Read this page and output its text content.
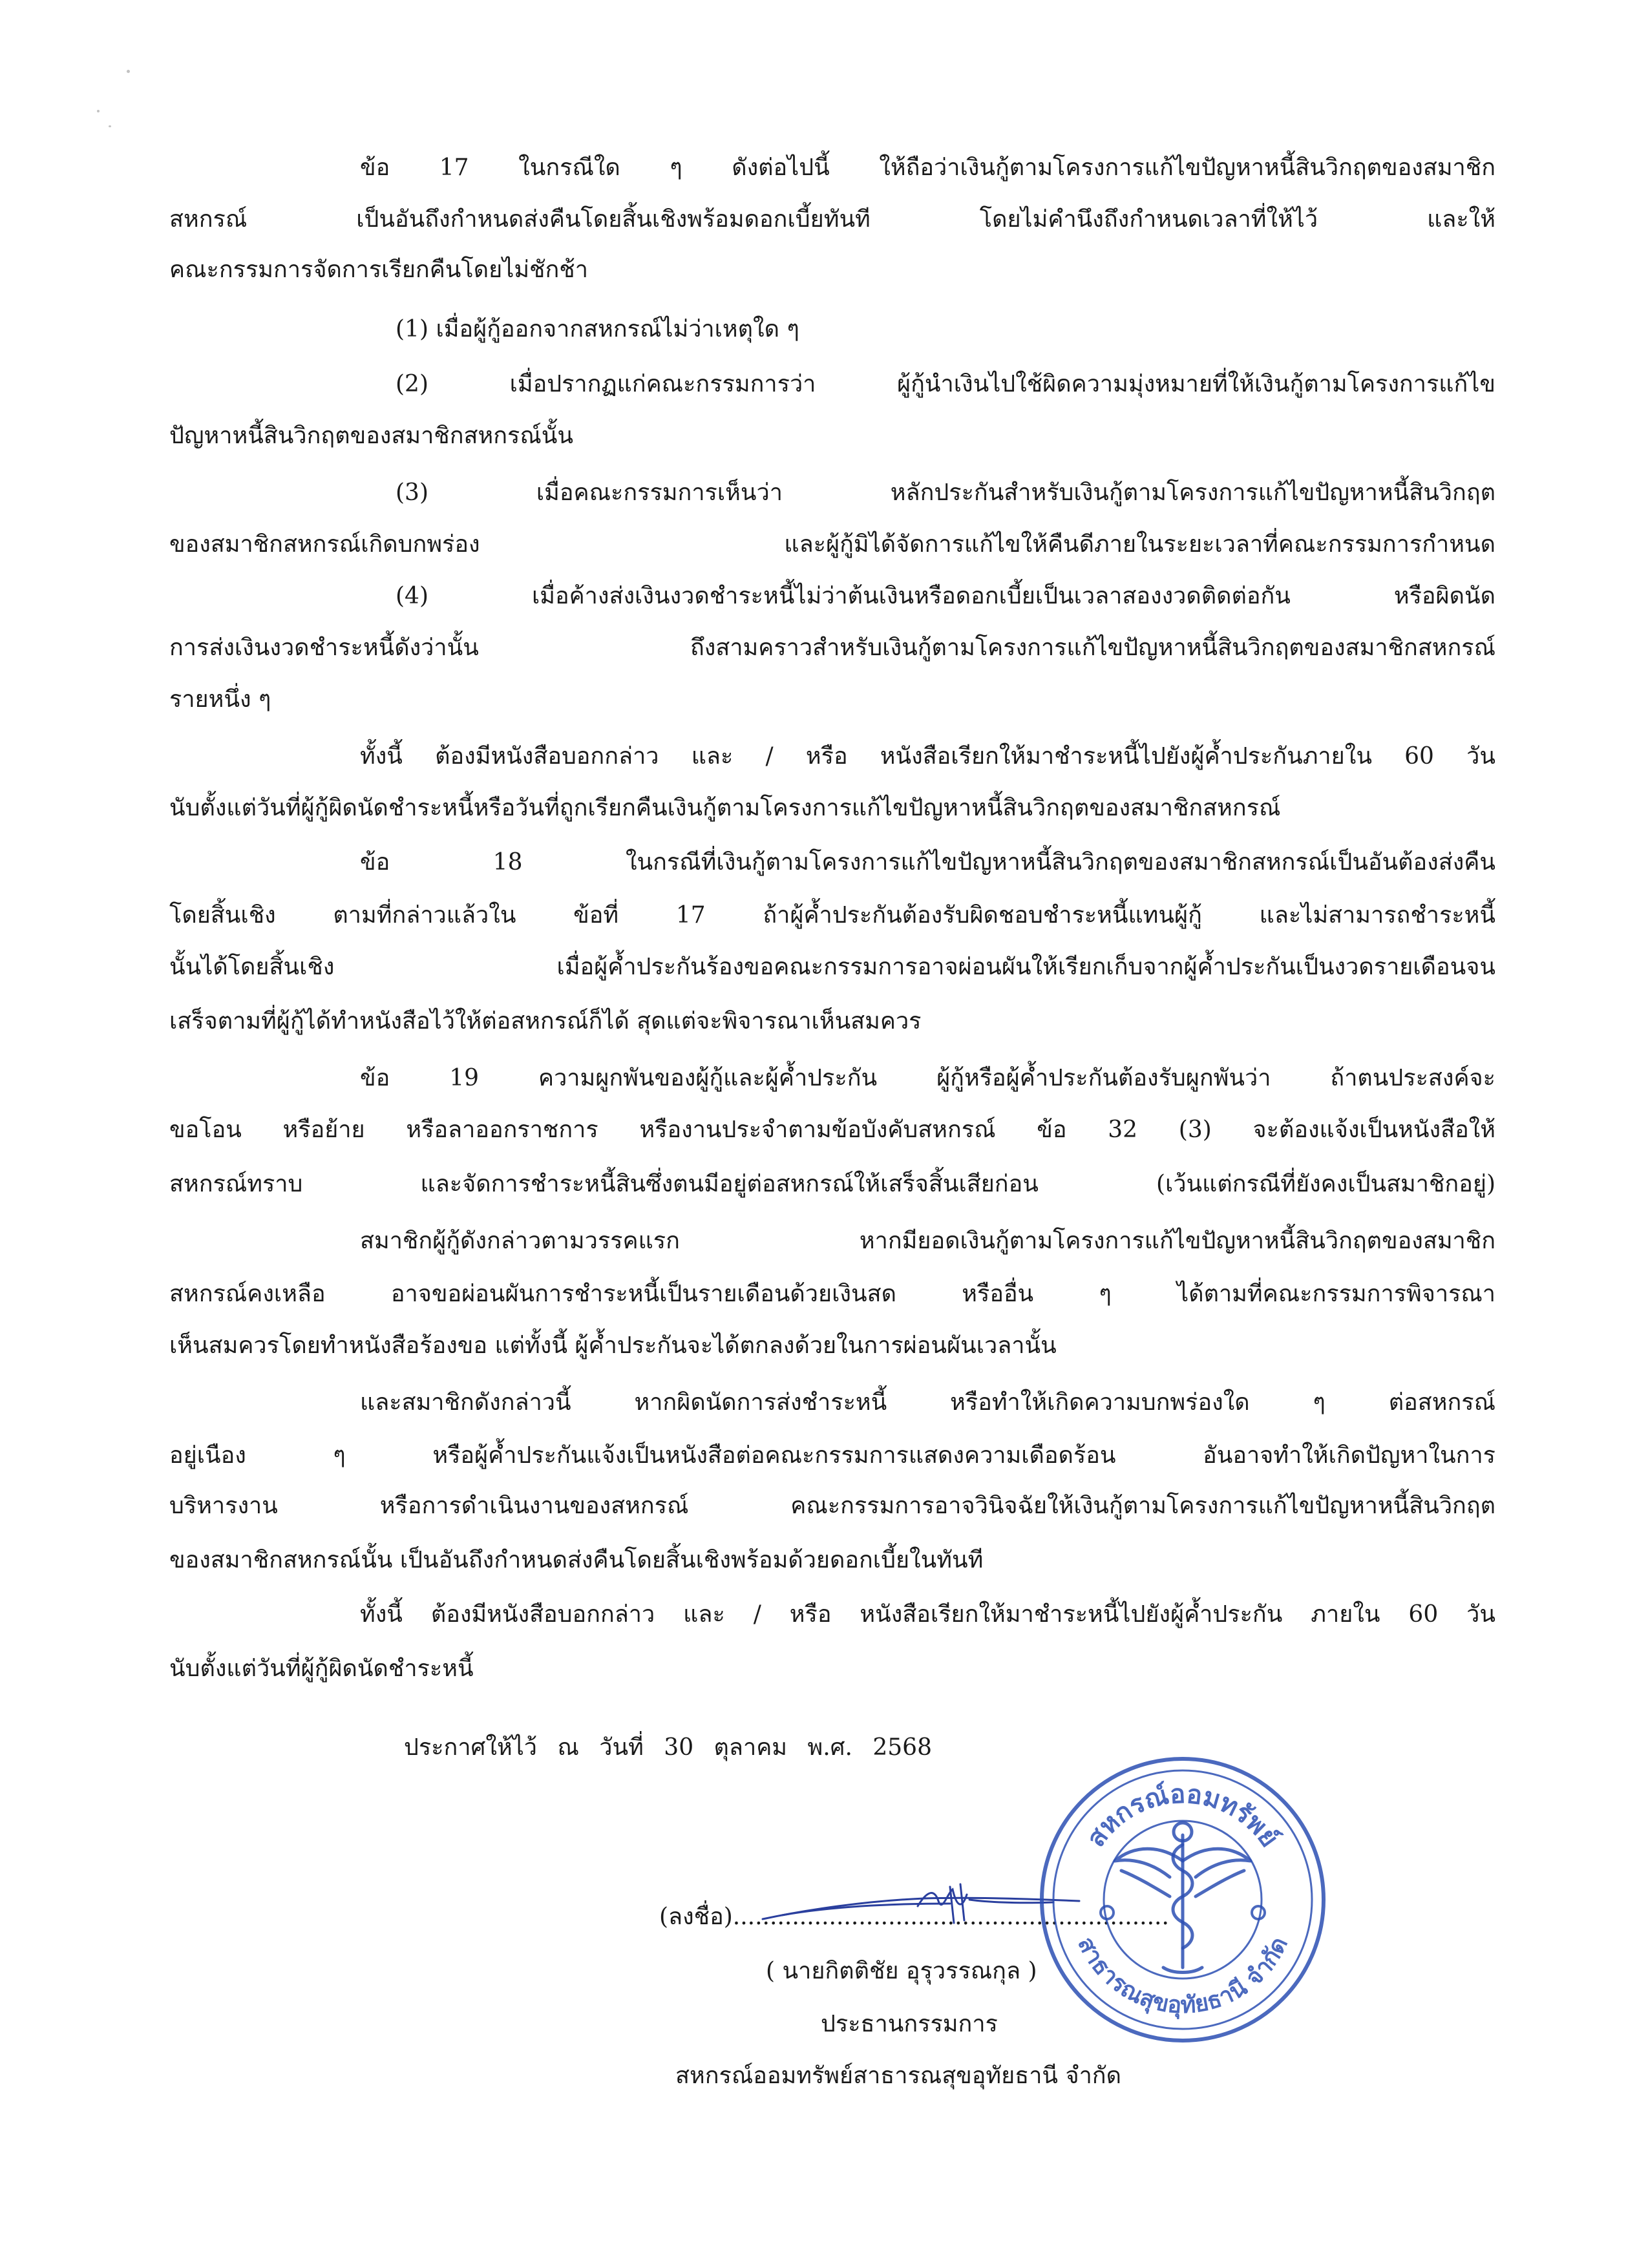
ข้อ 17 ในกรณีใด ๆ ดังต่อไปนี้ ให้ถือว่าเงินกู้ตามโครงการแก้ไขปัญหาหนี้สินวิกฤตของสมาชิก
สหกรณ์ เป็นอันถึงกำหนดส่งคืนโดยสิ้นเชิงพร้อมดอกเบี้ยทันที โดยไม่คำนึงถึงกำหนดเวลาที่ให้ไว้ และให้
คณะกรรมการจัดการเรียกคืนโดยไม่ชักช้า
(1) เมื่อผู้กู้ออกจากสหกรณ์ไม่ว่าเหตุใด ๆ
(2) เมื่อปรากฏแก่คณะกรรมการว่า ผู้กู้นำเงินไปใช้ผิดความมุ่งหมายที่ให้เงินกู้ตามโครงการแก้ไข
ปัญหาหนี้สินวิกฤตของสมาชิกสหกรณ์นั้น
(3) เมื่อคณะกรรมการเห็นว่า หลักประกันสำหรับเงินกู้ตามโครงการแก้ไขปัญหาหนี้สินวิกฤต
ของสมาชิกสหกรณ์เกิดบกพร่อง และผู้กู้มิได้จัดการแก้ไขให้คืนดีภายในระยะเวลาที่คณะกรรมการกำหนด
(4) เมื่อค้างส่งเงินงวดชำระหนี้ไม่ว่าต้นเงินหรือดอกเบี้ยเป็นเวลาสองงวดติดต่อกัน หรือผิดนัด
การส่งเงินงวดชำระหนี้ดังว่านั้น ถึงสามคราวสำหรับเงินกู้ตามโครงการแก้ไขปัญหาหนี้สินวิกฤตของสมาชิกสหกรณ์
รายหนึ่ง ๆ
ทั้งนี้ ต้องมีหนังสือบอกกล่าว และ / หรือ หนังสือเรียกให้มาชำระหนี้ไปยังผู้ค้ำประกันภายใน 60 วัน
นับตั้งแต่วันที่ผู้กู้ผิดนัดชำระหนี้หรือวันที่ถูกเรียกคืนเงินกู้ตามโครงการแก้ไขปัญหาหนี้สินวิกฤตของสมาชิกสหกรณ์
ข้อ 18 ในกรณีที่เงินกู้ตามโครงการแก้ไขปัญหาหนี้สินวิกฤตของสมาชิกสหกรณ์เป็นอันต้องส่งคืน
โดยสิ้นเชิง ตามที่กล่าวแล้วใน ข้อที่ 17 ถ้าผู้ค้ำประกันต้องรับผิดชอบชำระหนี้แทนผู้กู้ และไม่สามารถชำระหนี้
นั้นได้โดยสิ้นเชิง เมื่อผู้ค้ำประกันร้องขอคณะกรรมการอาจผ่อนผันให้เรียกเก็บจากผู้ค้ำประกันเป็นงวดรายเดือนจน
เสร็จตามที่ผู้กู้ได้ทำหนังสือไว้ให้ต่อสหกรณ์ก็ได้ สุดแต่จะพิจารณาเห็นสมควร
ข้อ 19 ความผูกพันของผู้กู้และผู้ค้ำประกัน ผู้กู้หรือผู้ค้ำประกันต้องรับผูกพันว่า ถ้าตนประสงค์จะ
ขอโอน หรือย้าย หรือลาออกราชการ หรืองานประจำตามข้อบังคับสหกรณ์ ข้อ 32 (3) จะต้องแจ้งเป็นหนังสือให้
สหกรณ์ทราบ และจัดการชำระหนี้สินซึ่งตนมีอยู่ต่อสหกรณ์ให้เสร็จสิ้นเสียก่อน (เว้นแต่กรณีที่ยังคงเป็นสมาชิกอยู่)
สมาชิกผู้กู้ดังกล่าวตามวรรคแรก หากมียอดเงินกู้ตามโครงการแก้ไขปัญหาหนี้สินวิกฤตของสมาชิก
สหกรณ์คงเหลือ อาจขอผ่อนผันการชำระหนี้เป็นรายเดือนด้วยเงินสด หรืออื่น ๆ ได้ตามที่คณะกรรมการพิจารณา
เห็นสมควรโดยทำหนังสือร้องขอ แต่ทั้งนี้ ผู้ค้ำประกันจะได้ตกลงด้วยในการผ่อนผันเวลานั้น
และสมาชิกดังกล่าวนี้ หากผิดนัดการส่งชำระหนี้ หรือทำให้เกิดความบกพร่องใด ๆ ต่อสหกรณ์
อยู่เนือง ๆ หรือผู้ค้ำประกันแจ้งเป็นหนังสือต่อคณะกรรมการแสดงความเดือดร้อน อันอาจทำให้เกิดปัญหาในการ
บริหารงาน หรือการดำเนินงานของสหกรณ์ คณะกรรมการอาจวินิจฉัยให้เงินกู้ตามโครงการแก้ไขปัญหาหนี้สินวิกฤต
ของสมาชิกสหกรณ์นั้น เป็นอันถึงกำหนดส่งคืนโดยสิ้นเชิงพร้อมด้วยดอกเบี้ยในทันที
ทั้งนี้ ต้องมีหนังสือบอกกล่าว และ / หรือ หนังสือเรียกให้มาชำระหนี้ไปยังผู้ค้ำประกัน ภายใน 60 วัน
นับตั้งแต่วันที่ผู้กู้ผิดนัดชำระหนี้
ประกาศให้ไว้ ณ วันที่ 30 ตุลาคม พ.ศ. 2568
(ลงชื่อ)...........................................................
( นายกิตติชัย อุรุวรรณกุล )
ประธานกรรมการ
สหกรณ์ออมทรัพย์สาธารณสุขอุทัยธานี จำกัด
สหกรณ์ออมทรัพย์
สาธารณสุขอุทัยธานี จำกัด
